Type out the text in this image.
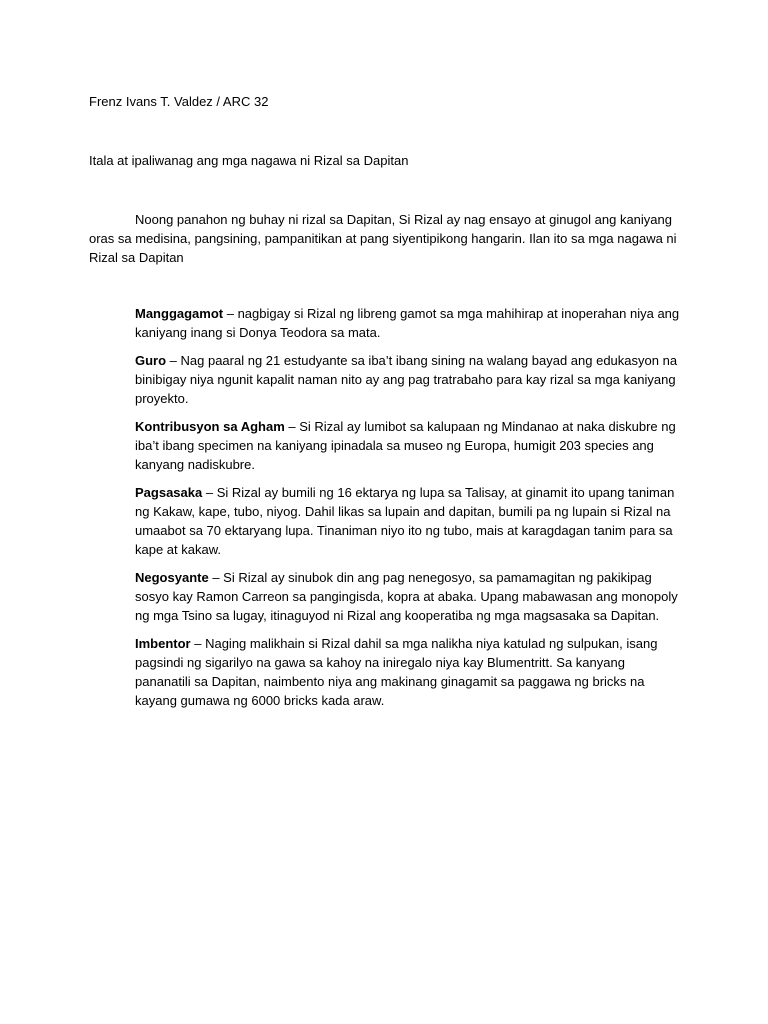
Frenz Ivans T. Valdez / ARC 32

Itala at ipaliwanag ang mga nagawa ni Rizal sa Dapitan

Noong panahon ng buhay ni rizal sa Dapitan, Si Rizal ay nag ensayo at ginugol ang kaniyang oras sa medisina, pangsining, pampanitikan at pang siyentipikong hangarin. Ilan ito sa mga nagawa ni Rizal sa Dapitan

Manggagamot – nagbigay si Rizal ng libreng gamot sa mga mahihirap at inoperahan niya ang kaniyang inang si Donya Teodora sa mata.

Guro – Nag paaral ng 21 estudyante sa iba’t ibang sining na walang bayad ang edukasyon na binibigay niya ngunit kapalit naman nito ay ang pag tratrabaho para kay rizal sa mga kaniyang proyekto.

Kontribusyon sa Agham – Si Rizal ay lumibot sa kalupaan ng Mindanao at naka diskubre ng iba’t ibang specimen na kaniyang ipinadala sa museo ng Europa, humigit 203 species ang kanyang nadiskubre.

Pagsasaka – Si Rizal ay bumili ng 16 ektarya ng lupa sa Talisay, at ginamit ito upang taniman ng Kakaw, kape, tubo, niyog. Dahil likas sa lupain and dapitan, bumili pa ng lupain si Rizal na umaabot sa 70 ektaryang lupa. Tinaniman niyo ito ng tubo, mais at karagdagan tanim para sa kape at kakaw.

Negosyante – Si Rizal ay sinubok din ang pag nenegosyo, sa pamamagitan ng pakikipag sosyo kay Ramon Carreon sa pangingisda, kopra at abaka. Upang mabawasan ang monopoly ng mga Tsino sa lugay, itinaguyod ni Rizal ang kooperatiba ng mga magsasaka sa Dapitan.

Imbentor – Naging malikhain si Rizal dahil sa mga nalikha niya katulad ng sulpukan, isang pagsindi ng sigarilyo na gawa sa kahoy na iniregalo niya kay Blumentritt. Sa kanyang pananatili sa Dapitan, naimbento niya ang makinang ginagamit sa paggawa ng bricks na kayang gumawa ng 6000 bricks kada araw.
